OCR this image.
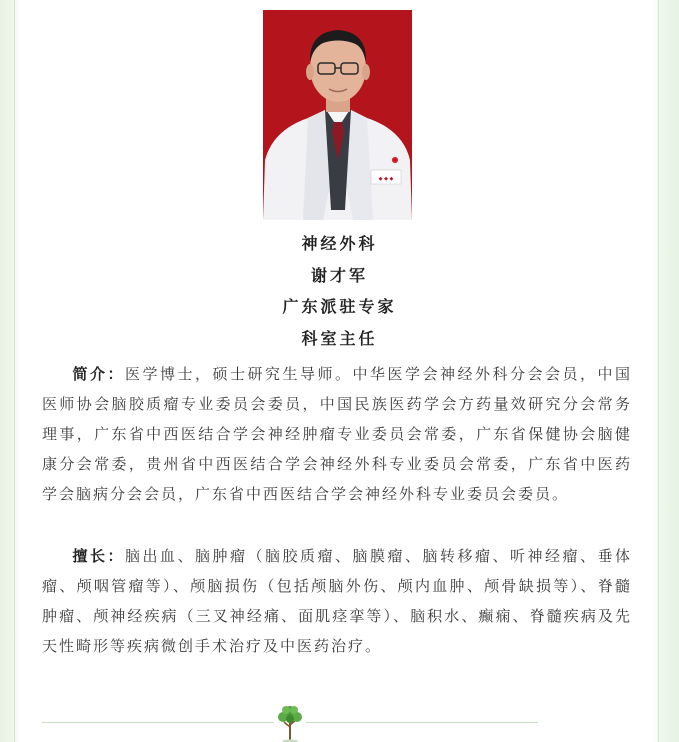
◆ ◆ ◆
神经外科
谢才军
广东派驻专家
科室主任
简介：医学博士，硕士研究生导师。中华医学会神经外科分会会员，中国医师协会脑胶质瘤专业委员会委员，中国民族医药学会方药量效研究分会常务理事，广东省中西医结合学会神经肿瘤专业委员会常委，广东省保健协会脑健康分会常委，贵州省中西医结合学会神经外科专业委员会常委，广东省中医药学会脑病分会会员，广东省中西医结合学会神经外科专业委员会委员。
擅长：脑出血、脑肿瘤（脑胶质瘤、脑膜瘤、脑转移瘤、听神经瘤、垂体瘤、颅咽管瘤等）、颅脑损伤（包括颅脑外伤、颅内血肿、颅骨缺损等）、脊髓肿瘤、颅神经疾病（三叉神经痛、面肌痉挛等）、脑积水、癫痫、脊髓疾病及先天性畸形等疾病微创手术治疗及中医药治疗。
